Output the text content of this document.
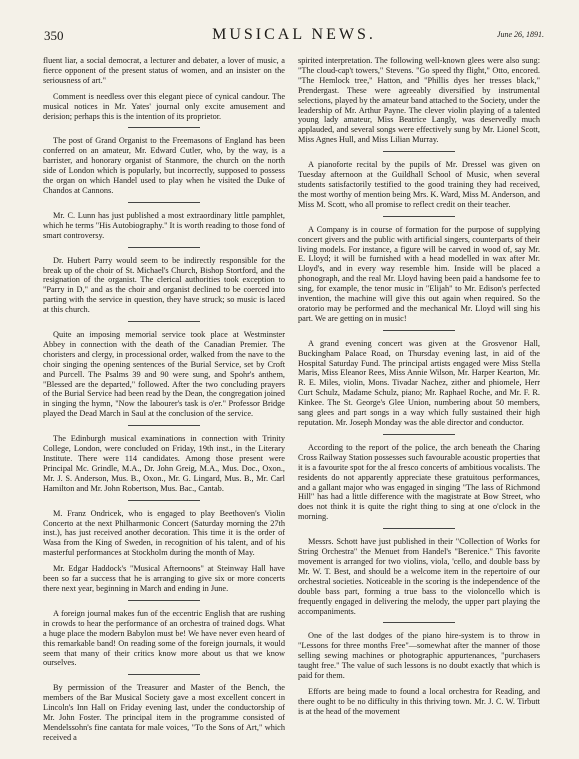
350	MUSICAL NEWS.	June 26, 1891.

fluent liar, a social democrat, a lecturer and debater, a lover of music, a fierce opponent of the present status of women, and an insister on the seriousness of art."

Comment is needless over this elegant piece of cynical candour. The musical notices in Mr. Yates' journal only excite amusement and derision; perhaps this is the intention of its proprietor.

The post of Grand Organist to the Freemasons of England has been conferred on an amateur, Mr. Edward Cutler, who, by the way, is a barrister, and honorary organist of Stanmore, the church on the north side of London which is popularly, but incorrectly, supposed to possess the organ on which Handel used to play when he visited the Duke of Chandos at Cannons.

Mr. C. Lunn has just published a most extraordinary little pamphlet, which he terms "His Autobiography." It is worth reading to those fond of smart controversy.

Dr. Hubert Parry would seem to be indirectly responsible for the break up of the choir of St. Michael's Church, Bishop Stortford, and the resignation of the organist. The clerical authorities took exception to "Parry in D," and as the choir and organist declined to be coerced into parting with the service in question, they have struck; so music is laced at this church.

Quite an imposing memorial service took place at Westminster Abbey in connection with the death of the Canadian Premier. The choristers and clergy, in processional order, walked from the nave to the choir singing the opening sentences of the Burial Service, set by Croft and Purcell. The Psalms 39 and 90 were sung, and Spohr's anthem, "Blessed are the departed," followed. After the two concluding prayers of the Burial Service had been read by the Dean, the congregation joined in singing the hymn, "Now the labourer's task is o'er." Professor Bridge played the Dead March in Saul at the conclusion of the service.

The Edinburgh musical examinations in connection with Trinity College, London, were concluded on Friday, 19th inst., in the Literary Institute. There were 114 candidates. Among those present were Principal Mc. Grindle, M.A., Dr. John Greig, M.A., Mus. Doc., Oxon., Mr. J. S. Anderson, Mus. B., Oxon., Mr. G. Lingard, Mus. B., Mr. Carl Hamilton and Mr. John Robertson, Mus. Bac., Cantab.

M. Franz Ondricek, who is engaged to play Beethoven's Violin Concerto at the next Philharmonic Concert (Saturday morning the 27th inst.), has just received another decoration. This time it is the order of Wasa from the King of Sweden, in recognition of his talent, and of his masterful performances at Stockholm during the month of May.

Mr. Edgar Haddock's "Musical Afternoons" at Steinway Hall have been so far a success that he is arranging to give six or more concerts there next year, beginning in March and ending in June.

A foreign journal makes fun of the eccentric English that are rushing in crowds to hear the performance of an orchestra of trained dogs. What a huge place the modern Babylon must be! We have never even heard of this remarkable band! On reading some of the foreign journals, it would seem that many of their critics know more about us that we know ourselves.

By permission of the Treasurer and Master of the Bench, the members of the Bar Musical Society gave a most excellent concert in Lincoln's Inn Hall on Friday evening last, under the conductorship of Mr. John Foster. The principal item in the programme consisted of Mendelssohn's fine cantata for male voices, "To the Sons of Art," which received a

spirited interpretation. The following well-known glees were also sung: "The cloud-cap't towers," Stevens. "Go speed thy flight," Otto, encored. "The Hemlock tree," Hatton, and "Phillis dyes her tresses black," Prendergast. These were agreeably diversified by instrumental selections, played by the amateur band attached to the Society, under the leadership of Mr. Arthur Payne. The clever violin playing of a talented young lady amateur, Miss Beatrice Langly, was deservedly much applauded, and several songs were effectively sung by Mr. Lionel Scott, Miss Agnes Hull, and Miss Lilian Murray.

A pianoforte recital by the pupils of Mr. Dressel was given on Tuesday afternoon at the Guildhall School of Music, when several students satisfactorily testified to the good training they had received, the most worthy of mention being Mrs. K. Ward, Miss M. Anderson, and Miss M. Scott, who all promise to reflect credit on their teacher.

A Company is in course of formation for the purpose of supplying concert givers and the public with artificial singers, counterparts of their living models. For instance, a figure will be carved in wood of, say Mr. E. Lloyd; it will be furnished with a head modelled in wax after Mr. Lloyd's, and in every way resemble him. Inside will be placed a phonograph, and the real Mr. Lloyd having been paid a handsome fee to sing, for example, the tenor music in "Elijah" to Mr. Edison's perfected invention, the machine will give this out again when required. So the oratorio may be performed and the mechanical Mr. Lloyd will sing his part. We are getting on in music!

A grand evening concert was given at the Grosvenor Hall, Buckingham Palace Road, on Thursday evening last, in aid of the Hospital Saturday Fund. The principal artists engaged were Miss Stella Maris, Miss Eleanor Rees, Miss Annie Wilson, Mr. Harper Kearton, Mr. R. E. Miles, violin, Mons. Tivadar Nachez, zither and phiomele, Herr Curt Schulz, Madame Schulz, piano; Mr. Raphael Roche, and Mr. F. R. Kinkee. The St. George's Glee Union, numbering about 50 members, sang glees and part songs in a way which fully sustained their high reputation. Mr. Joseph Monday was the able director and conductor.

According to the report of the police, the arch beneath the Charing Cross Railway Station possesses such favourable acoustic properties that it is a favourite spot for the al fresco concerts of ambitious vocalists. The residents do not apparently appreciate these gratuitous performances, and a gallant major who was engaged in singing "The lass of Richmond Hill" has had a little difference with the magistrate at Bow Street, who does not think it is quite the right thing to sing at one o'clock in the morning.

Messrs. Schott have just published in their "Collection of Works for String Orchestra" the Menuet from Handel's "Berenice." This favorite movement is arranged for two violins, viola, 'cello, and double bass by Mr. W. T. Best, and should be a welcome item in the repertoire of our orchestral societies. Noticeable in the scoring is the independence of the double bass part, forming a true bass to the violoncello which is frequently engaged in delivering the melody, the upper part playing the accompaniments.

One of the last dodges of the piano hire-system is to throw in "Lessons for three months Free"—somewhat after the manner of those selling sewing machines or photographic appurtenances, "purchasers taught free." The value of such lessons is no doubt exactly that which is paid for them.

Efforts are being made to found a local orchestra for Reading, and there ought to be no difficulty in this thriving town. Mr. J. C. W. Tirbutt is at the head of the movement
